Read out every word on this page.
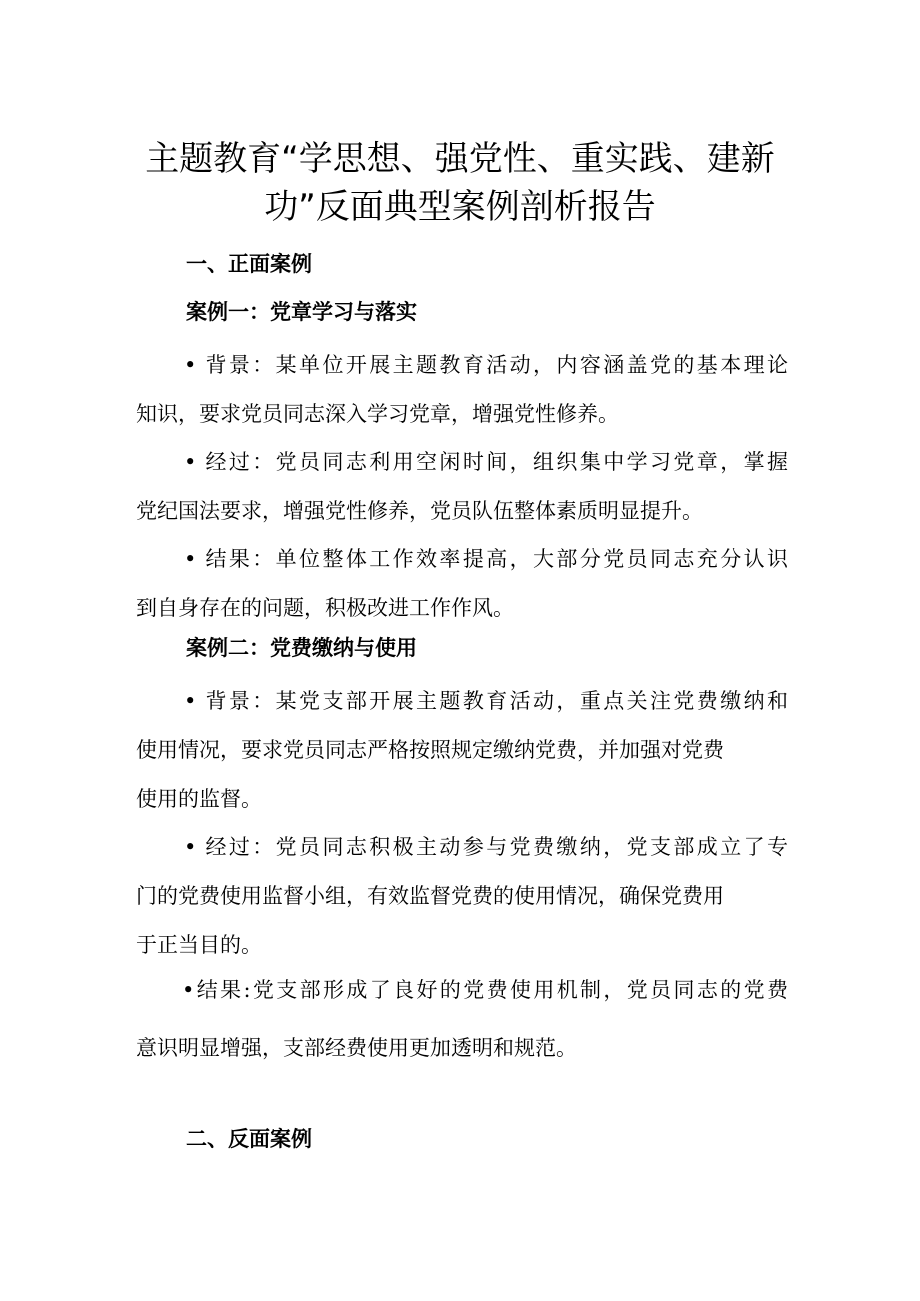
主题教育“学思想、强党性、重实践、建新
功”反面典型案例剖析报告
一、正面案例
案例一：党章学习与落实
• 背景：某单位开展主题教育活动，内容涵盖党的基本理论
知识，要求党员同志深入学习党章，增强党性修养。
• 经过：党员同志利用空闲时间，组织集中学习党章，掌握
党纪国法要求，增强党性修养，党员队伍整体素质明显提升。
• 结果：单位整体工作效率提高，大部分党员同志充分认识
到自身存在的问题，积极改进工作作风。
案例二：党费缴纳与使用
• 背景：某党支部开展主题教育活动，重点关注党费缴纳和
使用情况，要求党员同志严格按照规定缴纳党费，并加强对党费
使用的监督。
• 经过：党员同志积极主动参与党费缴纳，党支部成立了专
门的党费使用监督小组，有效监督党费的使用情况，确保党费用
于正当目的。
•结果:党支部形成了良好的党费使用机制，党员同志的党费
意识明显增强，支部经费使用更加透明和规范。
二、反面案例
